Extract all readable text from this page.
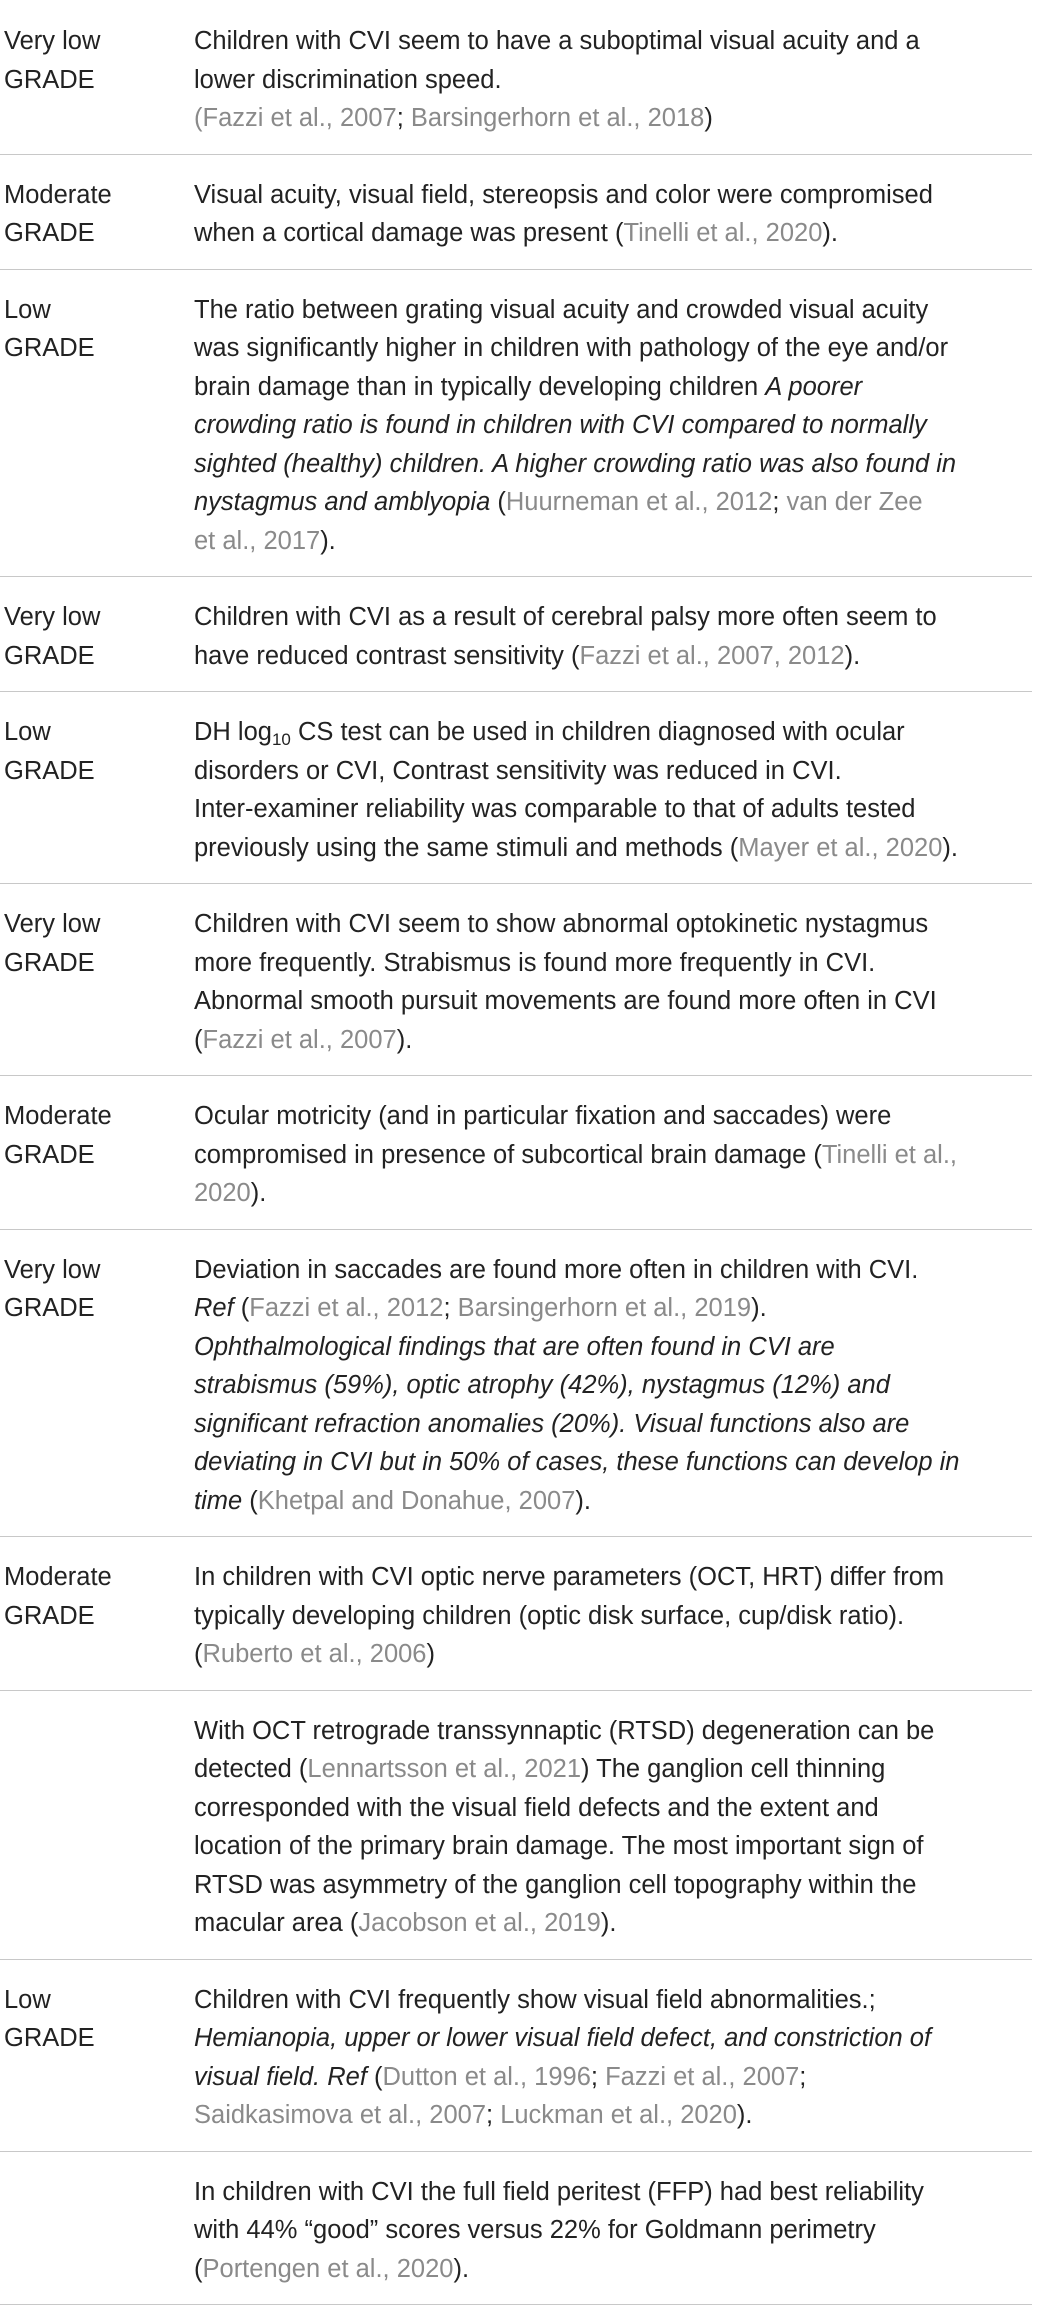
Very low
GRADE
Children with CVI seem to have a suboptimal visual acuity and a
lower discrimination speed.
(Fazzi et al., 2007; Barsingerhorn et al., 2018)
Moderate
GRADE
Visual acuity, visual field, stereopsis and color were compromised
when a cortical damage was present (Tinelli et al., 2020).
Low
GRADE
The ratio between grating visual acuity and crowded visual acuity
was significantly higher in children with pathology of the eye and/or
brain damage than in typically developing children A poorer
crowding ratio is found in children with CVI compared to normally
sighted (healthy) children. A higher crowding ratio was also found in
nystagmus and amblyopia (Huurneman et al., 2012; van der Zee
et al., 2017).
Very low
GRADE
Children with CVI as a result of cerebral palsy more often seem to
have reduced contrast sensitivity (Fazzi et al., 2007, 2012).
Low
GRADE
DH $\log_{10}$ CS test can be used in children diagnosed with ocular
disorders or CVI, Contrast sensitivity was reduced in CVI.
Inter-examiner reliability was comparable to that of adults tested
previously using the same stimuli and methods (Mayer et al., 2020).
Very low
GRADE
Children with CVI seem to show abnormal optokinetic nystagmus
more frequently. Strabismus is found more frequently in CVI.
Abnormal smooth pursuit movements are found more often in CVI
(Fazzi et al., 2007).
Moderate
GRADE
Ocular motricity (and in particular fixation and saccades) were
compromised in presence of subcortical brain damage (Tinelli et al.,
2020).
Very low
GRADE
Deviation in saccades are found more often in children with CVI.
Ref (Fazzi et al., 2012; Barsingerhorn et al., 2019).
Ophthalmological findings that are often found in CVI are
strabismus (59%), optic atrophy (42%), nystagmus (12%) and
significant refraction anomalies (20%). Visual functions also are
deviating in CVI but in 50% of cases, these functions can develop in
time (Khetpal and Donahue, 2007).
Moderate
GRADE
In children with CVI optic nerve parameters (OCT, HRT) differ from
typically developing children (optic disk surface, cup/disk ratio).
(Ruberto et al., 2006)
With OCT retrograde transsynnaptic (RTSD) degeneration can be
detected (Lennartsson et al., 2021) The ganglion cell thinning
corresponded with the visual field defects and the extent and
location of the primary brain damage. The most important sign of
RTSD was asymmetry of the ganglion cell topography within the
macular area (Jacobson et al., 2019).
Low
GRADE
Children with CVI frequently show visual field abnormalities.;
Hemianopia, upper or lower visual field defect, and constriction of
visual field. Ref (Dutton et al., 1996; Fazzi et al., 2007;
Saidkasimova et al., 2007; Luckman et al., 2020).
In children with CVI the full field peritest (FFP) had best reliability
with 44% “good” scores versus 22% for Goldmann perimetry
(Portengen et al., 2020).
